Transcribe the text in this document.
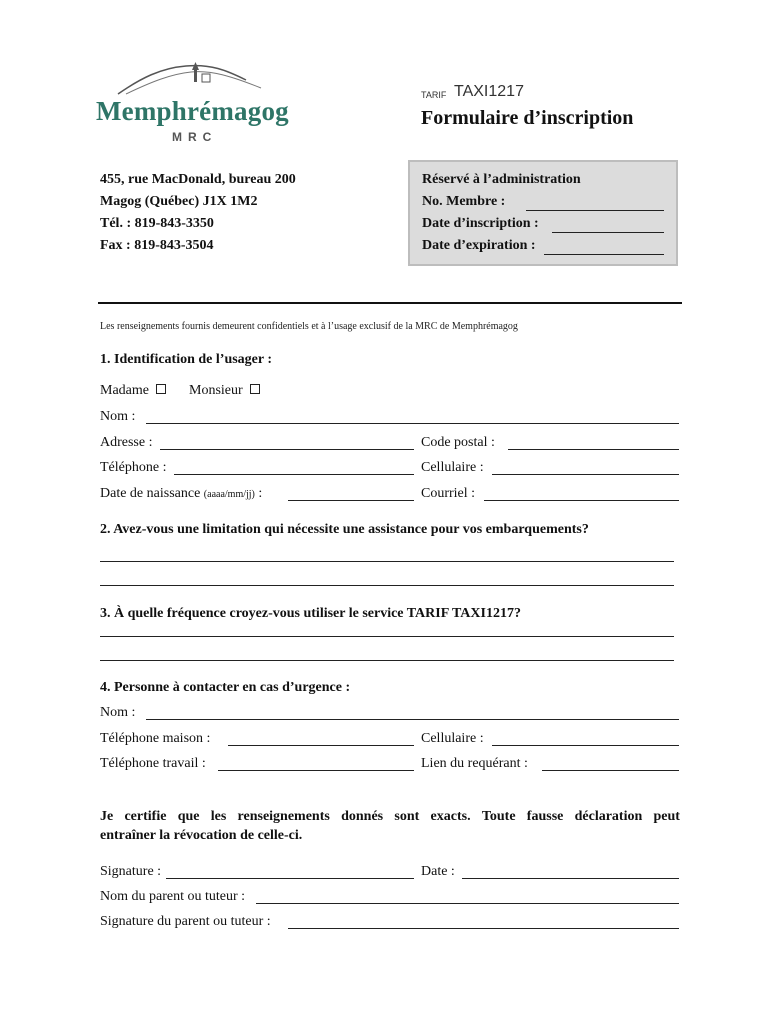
Memphrémagog
MRC
TARIF TAXI1217
Formulaire d’inscription
455, rue MacDonald, bureau 200
Magog (Québec) J1X 1M2
Tél. : 819-843-3350
Fax : 819-843-3504
Réservé à l’administration
No. Membre :
Date d’inscription :
Date d’expiration :
Les renseignements fournis demeurent confidentiels et à l’usage exclusif de la MRC de Memphrémagog
1. Identification de l’usager :
Madame	Monsieur
Nom :
Adresse :	Code postal :
Téléphone :	Cellulaire :
Date de naissance (aaaa/mm/jj) :	Courriel :
2. Avez-vous une limitation qui nécessite une assistance pour vos embarquements?
3. À quelle fréquence croyez-vous utiliser le service TARIF TAXI1217?
4. Personne à contacter en cas d’urgence :
Nom :
Téléphone maison :	Cellulaire :
Téléphone travail :	Lien du requérant :
Je certifie que les renseignements donnés sont exacts. Toute fausse déclaration peut
entraîner la révocation de celle-ci.
Signature :	Date :
Nom du parent ou tuteur :
Signature du parent ou tuteur :
